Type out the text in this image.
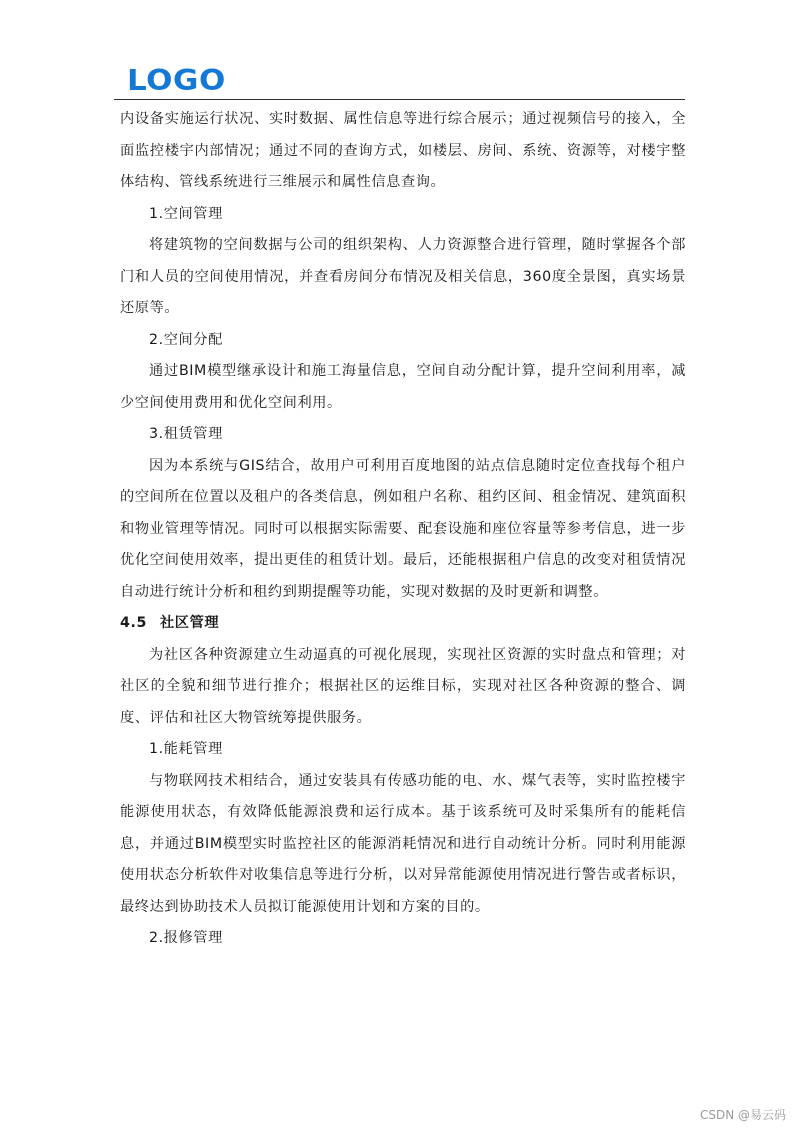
LOGO

内设备实施运行状况、实时数据、属性信息等进行综合展示；通过视频信号的接入，全面监控楼宇内部情况；通过不同的查询方式，如楼层、房间、系统、资源等，对楼宇整体结构、管线系统进行三维展示和属性信息查询。

1.空间管理

将建筑物的空间数据与公司的组织架构、人力资源整合进行管理，随时掌握各个部门和人员的空间使用情况，并查看房间分布情况及相关信息，360度全景图，真实场景还原等。

2.空间分配

通过BIM模型继承设计和施工海量信息，空间自动分配计算，提升空间利用率，减少空间使用费用和优化空间利用。

3.租赁管理

因为本系统与GIS结合，故用户可利用百度地图的站点信息随时定位查找每个租户的空间所在位置以及租户的各类信息，例如租户名称、租约区间、租金情况、建筑面积和物业管理等情况。同时可以根据实际需要、配套设施和座位容量等参考信息，进一步优化空间使用效率，提出更佳的租赁计划。最后，还能根据租户信息的改变对租赁情况自动进行统计分析和租约到期提醒等功能，实现对数据的及时更新和调整。

4.5 社区管理

为社区各种资源建立生动逼真的可视化展现，实现社区资源的实时盘点和管理；对社区的全貌和细节进行推介；根据社区的运维目标，实现对社区各种资源的整合、调度、评估和社区大物管统筹提供服务。

1.能耗管理

与物联网技术相结合，通过安装具有传感功能的电、水、煤气表等，实时监控楼宇能源使用状态，有效降低能源浪费和运行成本。基于该系统可及时采集所有的能耗信息，并通过BIM模型实时监控社区的能源消耗情况和进行自动统计分析。同时利用能源使用状态分析软件对收集信息等进行分析，以对异常能源使用情况进行警告或者标识，最终达到协助技术人员拟订能源使用计划和方案的目的。

2.报修管理

CSDN @易云码
